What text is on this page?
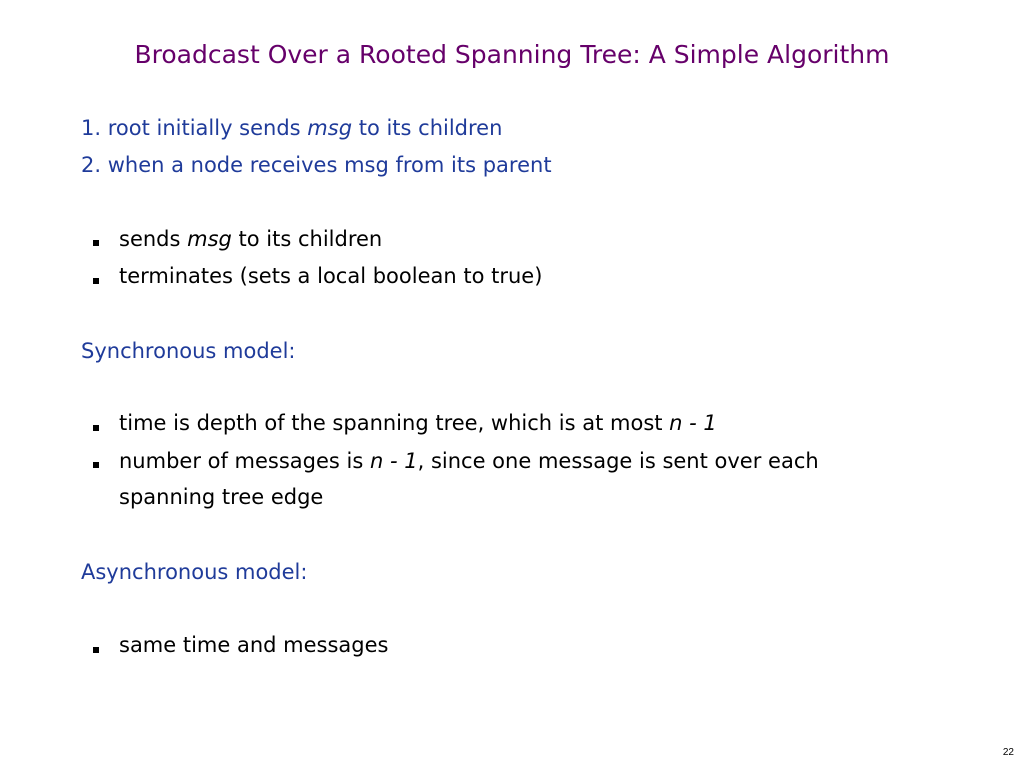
Broadcast Over a Rooted Spanning Tree: A Simple Algorithm
1. root initially sends msg to its children
2. when a node receives msg from its parent
sends msg to its children
terminates (sets a local boolean to true)
Synchronous model:
time is depth of the spanning tree, which is at most n - 1
number of messages is n - 1, since one message is sent over each
spanning tree edge
Asynchronous model:
same time and messages
22
